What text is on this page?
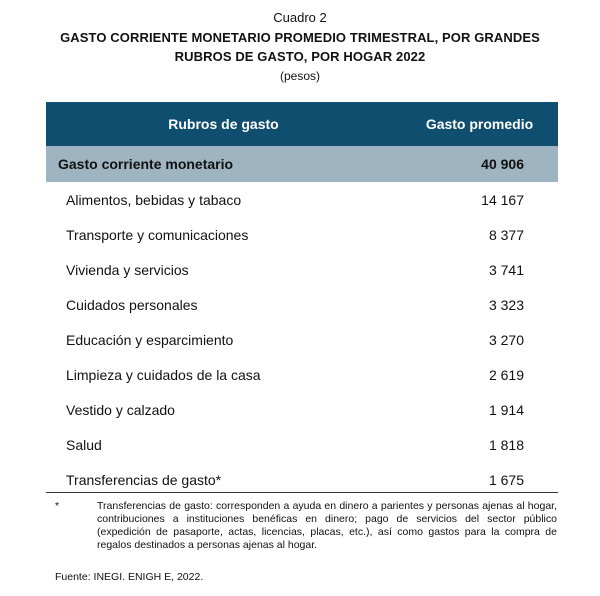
Cuadro 2
GASTO CORRIENTE MONETARIO PROMEDIO TRIMESTRAL, POR GRANDES
RUBROS DE GASTO, POR HOGAR 2022
(pesos)
Rubros de gasto	Gasto promedio
Gasto corriente monetario	40 906
Alimentos, bebidas y tabaco	14 167
Transporte y comunicaciones	8 377
Vivienda y servicios	3 741
Cuidados personales	3 323
Educación y esparcimiento	3 270
Limpieza y cuidados de la casa	2 619
Vestido y calzado	1 914
Salud	1 818
Transferencias de gasto*	1 675
*	Transferencias de gasto: corresponden a ayuda en dinero a parientes y personas ajenas al hogar, contribuciones a instituciones benéficas en dinero; pago de servicios del sector público (expedición de pasaporte, actas, licencias, placas, etc.), así como gastos para la compra de regalos destinados a personas ajenas al hogar.
Fuente: INEGI. ENIGH E, 2022.
